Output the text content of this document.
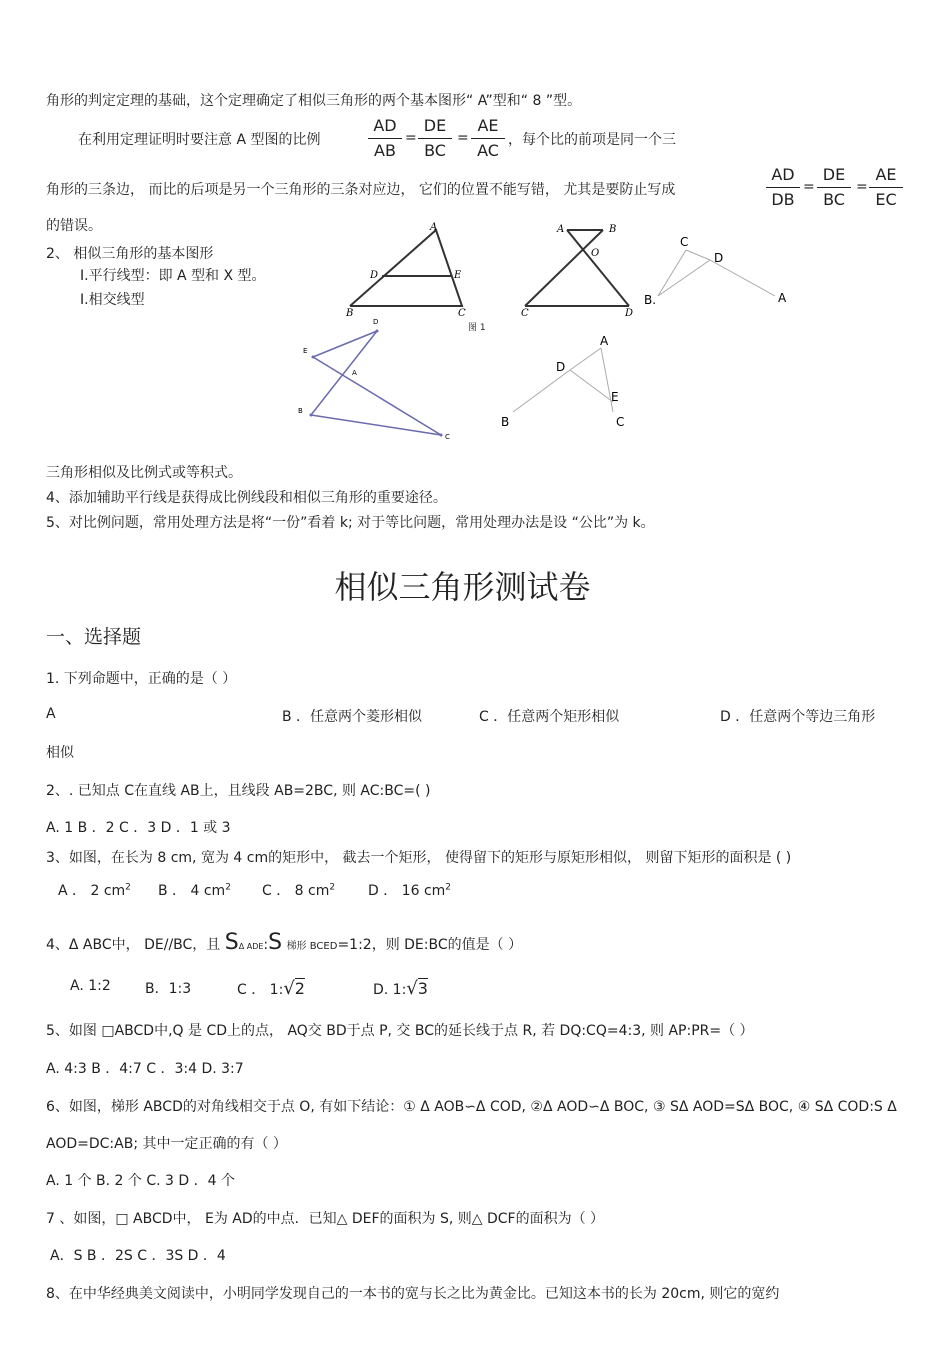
角形的判定定理的基础，这个定理确定了相似三角形的两个基本图形“ A”型和“ 8 ”型。
在利用定理证明时要注意 A 型图的比例	$\frac{AD}{AB} = \frac{DE}{BC} = \frac{AE}{AC}$ ，每个比的前项是同一个三
角形的三条边， 而比的后项是另一个三角形的三条对应边， 它们的位置不能写错， 尤其是要防止写成	$\frac{AD}{DB} = \frac{DE}{BC} = \frac{AE}{EC}$
的错误。
2、 相似三角形的基本图形
Ⅰ.平行线型：即 A 型和 X 型。
Ⅰ.相交线型
A
D	E
B	C
A	B
O
C	D
图 1
C
D
B.	A
D
E
A
B
C
D
A
E
B	C
三角形相似及比例式或等积式。
4、添加辅助平行线是获得成比例线段和相似三角形的重要途径。
5、对比例问题，常用处理方法是将“一份”看着 k; 对于等比问题，常用处理办法是设 “公比”为 k。
相似三角形测试卷
一、选择题
1. 下列命题中，正确的是（ ）
A	B ．任意两个菱形相似	C ．任意两个矩形相似	D ．任意两个等边三角形
相似
2、. 已知点 C在直线 AB上，且线段 AB=2BC, 则 AC:BC=( )
A. 1 B ．2 C ．3 D ．1 或 3
3、如图，在长为 8 cm, 宽为 4 cm的矩形中， 截去一个矩形， 使得留下的矩形与原矩形相似， 则留下矩形的面积是 ( )
A ． 2 $cm^2$ B ． 4 $cm^2$ C ． 8 $cm^2$ D ． 16 $cm^2$
4、Δ ABC中， DE//BC，且 SΔ ADE:S 梯形 BCED=1:2，则 DE:BC的值是（ ）
A. 1:2 B．1:3	C ． 1:√2	D. 1:√3
5、如图 □ABCD中,Q 是 CD上的点， AQ交 BD于点 P, 交 BC的延长线于点 R, 若 DQ:CQ=4:3, 则 AP:PR=（ ）
A. 4:3 B ．4:7 C ．3:4 D. 3:7
6、如图，梯形 ABCD的对角线相交于点 O, 有如下结论：① Δ AOB∽Δ COD, ②Δ AOD∽Δ BOC, ③ SΔ AOD=SΔ BOC, ④ SΔ COD:S Δ
AOD=DC:AB; 其中一定正确的有（ ）
A. 1 个 B. 2 个 C. 3 D ．4 个
7 、如图，□ ABCD中， E为 AD的中点．已知△ DEF的面积为 S, 则△ DCF的面积为（ ）
A．S B ．2S C ．3S D ．4
8、在中华经典美文阅读中，小明同学发现自己的一本书的宽与长之比为黄金比。已知这本书的长为 20cm, 则它的宽约
